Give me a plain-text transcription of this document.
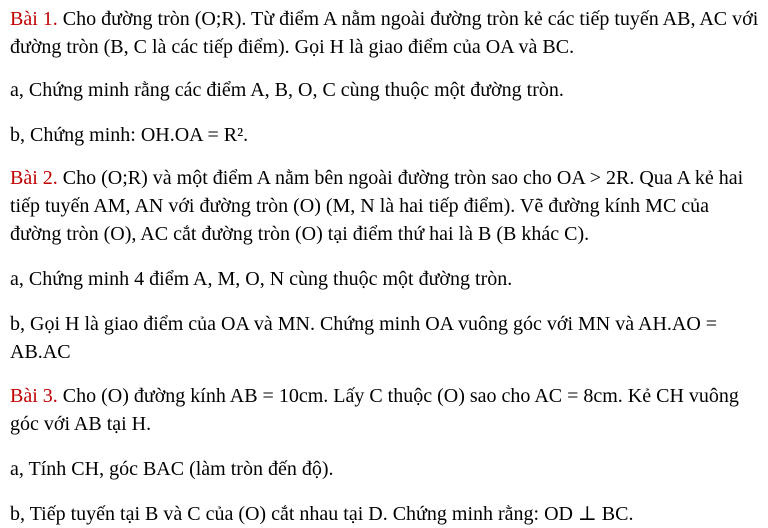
Bài 1. Cho đường tròn (O;R). Từ điểm A nằm ngoài đường tròn kẻ các tiếp tuyến AB, AC với đường tròn (B, C là các tiếp điểm). Gọi H là giao điểm của OA và BC.

a, Chứng minh rằng các điểm A, B, O, C cùng thuộc một đường tròn.

b, Chứng minh: OH.OA = R².

Bài 2. Cho (O;R) và một điểm A nằm bên ngoài đường tròn sao cho OA > 2R. Qua A kẻ hai tiếp tuyến AM, AN với đường tròn (O) (M, N là hai tiếp điểm). Vẽ đường kính MC của đường tròn (O), AC cắt đường tròn (O) tại điểm thứ hai là B (B khác C).

a, Chứng minh 4 điểm A, M, O, N cùng thuộc một đường tròn.

b, Gọi H là giao điểm của OA và MN. Chứng minh OA vuông góc với MN và AH.AO = AB.AC

Bài 3. Cho (O) đường kính AB = 10cm. Lấy C thuộc (O) sao cho AC = 8cm. Kẻ CH vuông góc với AB tại H.

a, Tính CH, góc BAC (làm tròn đến độ).

b, Tiếp tuyến tại B và C của (O) cắt nhau tại D. Chứng minh rằng: OD ⊥ BC.
